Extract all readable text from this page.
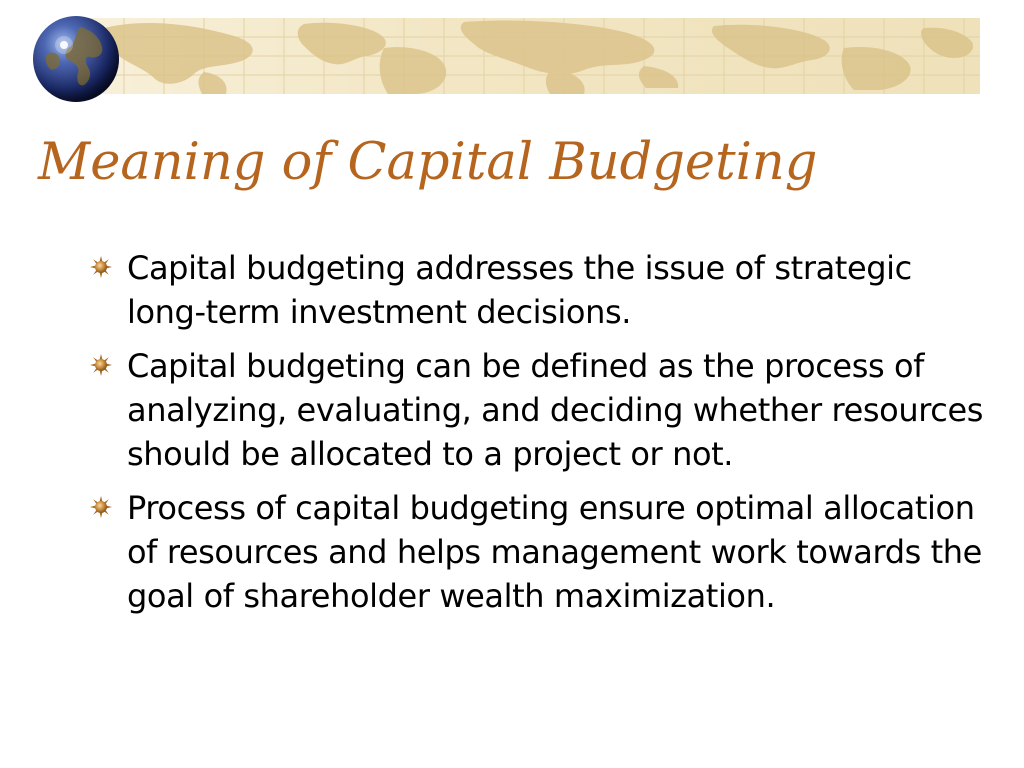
Meaning of Capital Budgeting
Capital budgeting addresses the issue of strategic long-term investment decisions.
Capital budgeting can be defined as the process of analyzing, evaluating, and deciding whether resources should be allocated to a project or not.
Process of capital budgeting ensure optimal allocation of resources and helps management work towards the goal of shareholder wealth maximization.
